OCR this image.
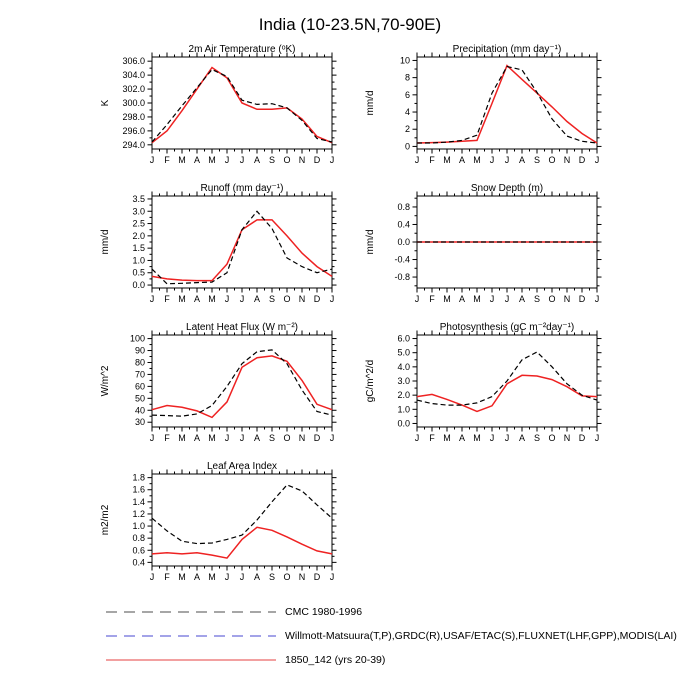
India (10-23.5N,70-90E)
2m Air Temperature (ᵒK)
294.0
296.0
298.0
300.0
302.0
304.0
306.0
K
J F M A M J J A S O N D J
Precipitation (mm day⁻¹)
0
2
4
6
8
10
mm/d
J F M A M J J A S O N D J
Runoff (mm day⁻¹)
0.0
0.5
1.0
1.5
2.0
2.5
3.0
3.5
mm/d
J F M A M J J A S O N D J
Snow Depth (m)
-0.8
-0.4
0.0
0.4
0.8
mm/d
J F M A M J J A S O N D J
Latent Heat Flux (W m⁻²)
30
40
50
60
70
80
90
100
W/m^2
J F M A M J J A S O N D J
Photosynthesis (gC m⁻²day⁻¹)
0.0
1.0
2.0
3.0
4.0
5.0
6.0
gC/m^2/d
J F M A M J J A S O N D J
Leaf Area Index
0.4
0.6
0.8
1.0
1.2
1.4
1.6
1.8
m2/m2
J F M A M J J A S O N D J
CMC 1980-1996
Willmott-Matsuura(T,P),GRDC(R),USAF/ETAC(S),FLUXNET(LHF,GPP),MODIS(LAI)
1850_142 (yrs 20-39)
